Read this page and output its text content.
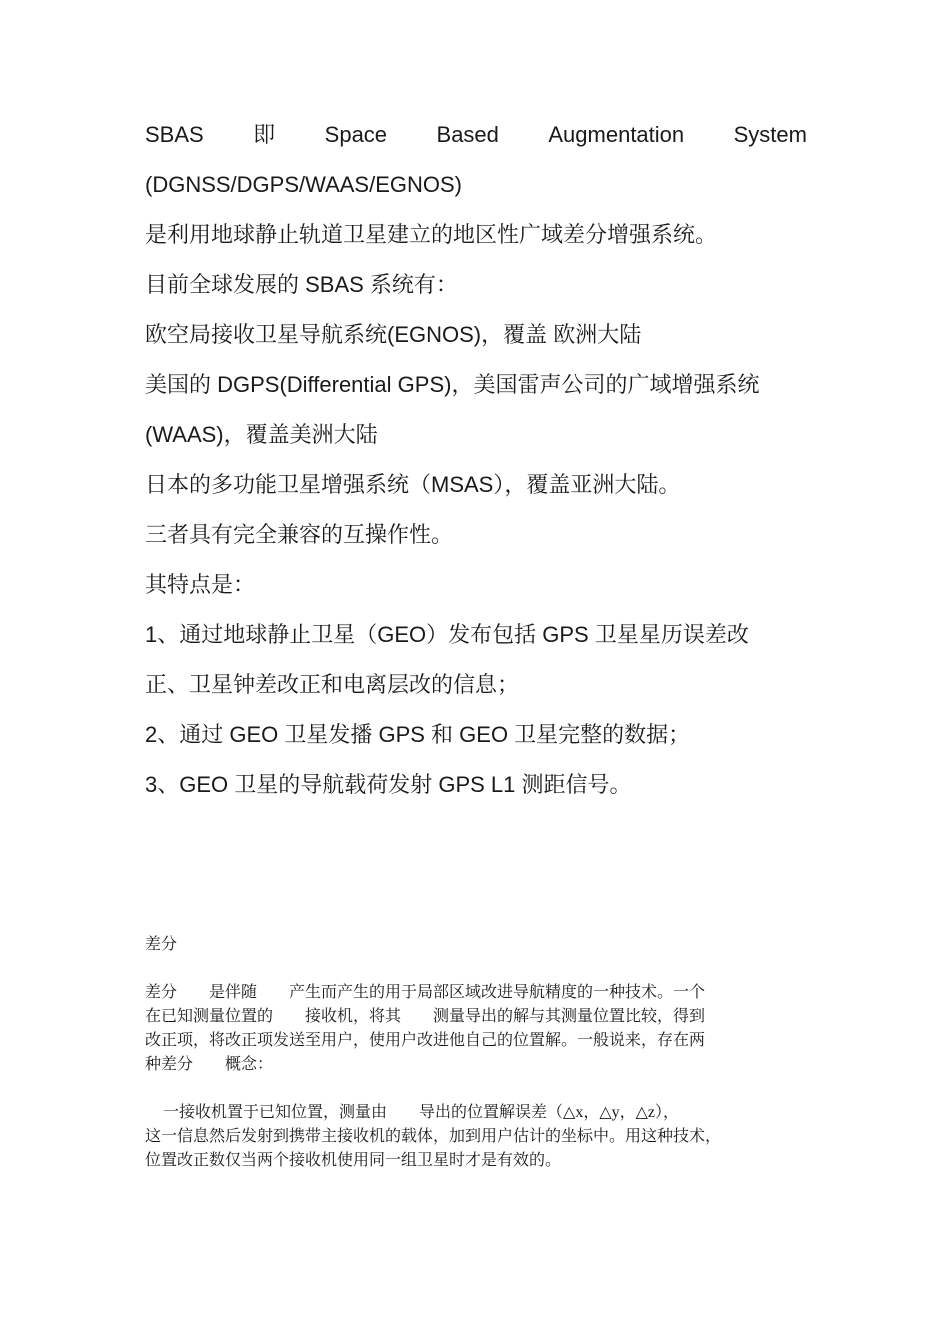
SBAS 即 Space Based Augmentation System
(DGNSS/DGPS/WAAS/EGNOS)
是利用地球静止轨道卫星建立的地区性广域差分增强系统。
目前全球发展的 SBAS 系统有：
欧空局接收卫星导航系统(EGNOS)，覆盖 欧洲大陆
美国的 DGPS(Differential GPS)，美国雷声公司的广域增强系统
(WAAS)，覆盖美洲大陆
日本的多功能卫星增强系统（MSAS），覆盖亚洲大陆。
三者具有完全兼容的互操作性。
其特点是：
1、通过地球静止卫星（GEO）发布包括 GPS 卫星星历误差改
正、卫星钟差改正和电离层改的信息；
2、通过 GEO 卫星发播 GPS 和 GEO 卫星完整的数据；
3、GEO 卫星的导航载荷发射 GPS L1 测距信号。
差分
差分 是伴随 产生而产生的用于局部区域改进导航精度的一种技术。一个
在已知测量位置的 接收机，将其 测量导出的解与其测量位置比较，得到
改正项，将改正项发送至用户，使用户改进他自己的位置解。一般说来，存在两
种差分 概念：
一接收机置于已知位置，测量由 导出的位置解误差（△x，△y，△z），
这一信息然后发射到携带主接收机的载体，加到用户估计的坐标中。用这种技术，
位置改正数仅当两个接收机使用同一组卫星时才是有效的。
